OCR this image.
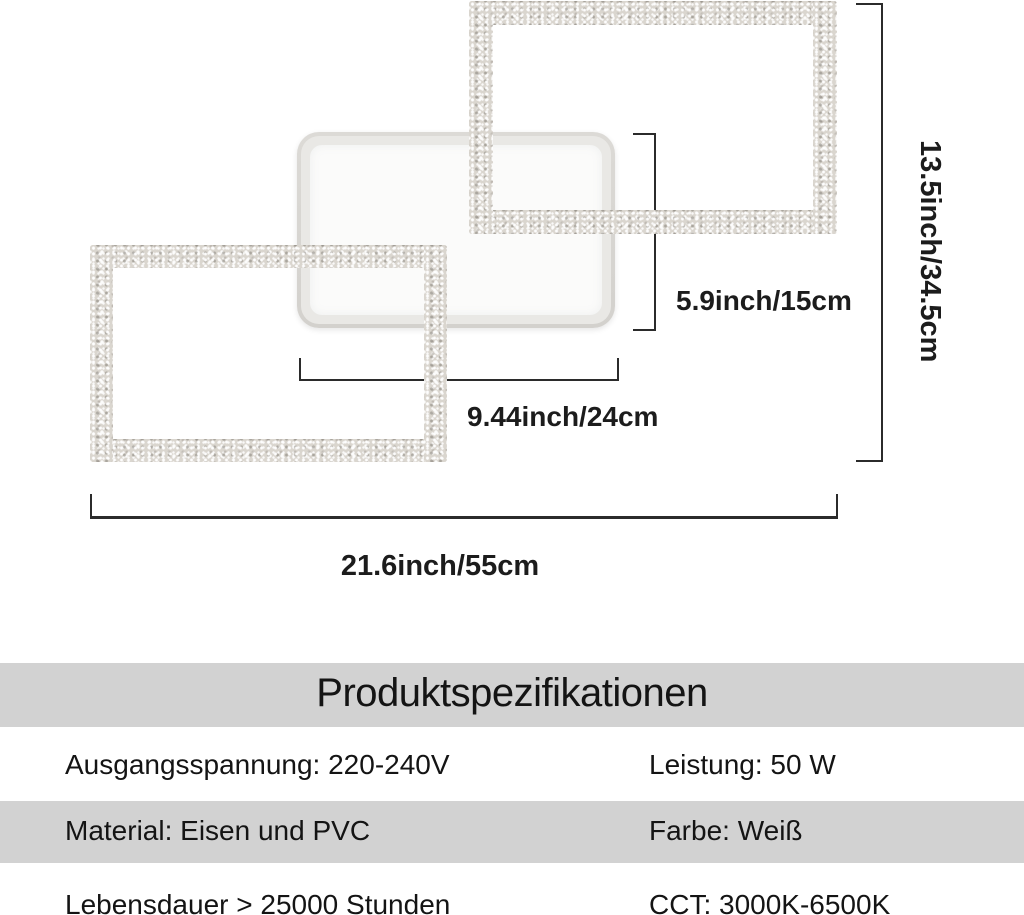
5.9inch/15cm 13.5inch/34.5cm
9.44inch/24cm
21.6inch/55cm
Produktspezifikationen
Ausgangsspannung: 220-240V	Leistung: 50 W
Material: Eisen und PVC	Farbe: Weiß
Lebensdauer > 25000 Stunden	CCT: 3000K-6500K
